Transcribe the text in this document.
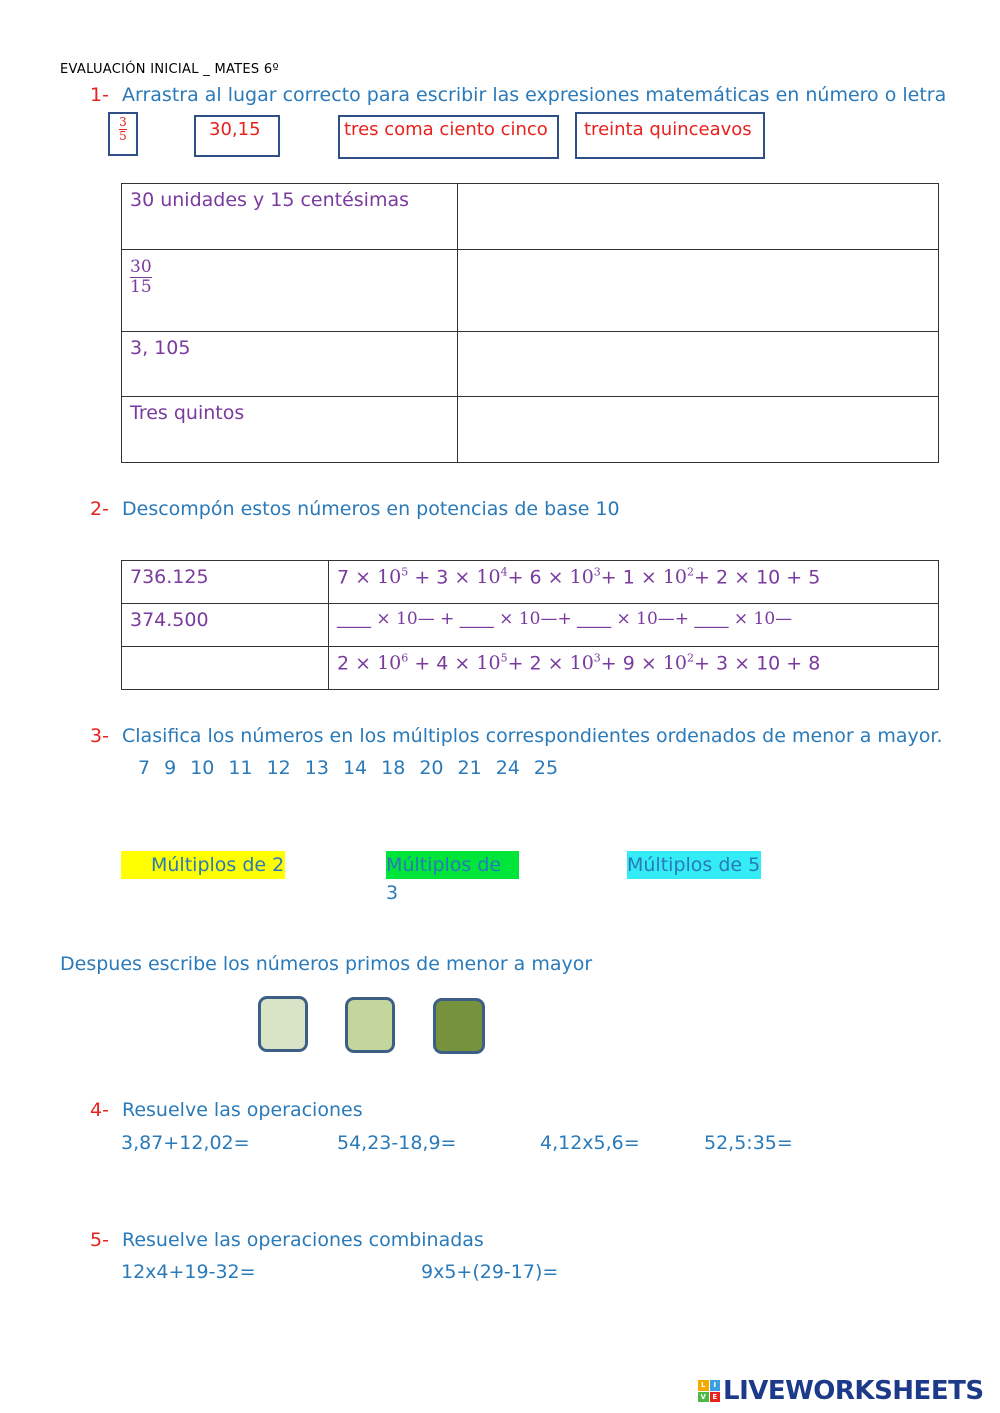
EVALUACIÓN INICIAL _ MATES 6º
1- Arrastra al lugar correcto para escribir las expresiones matemáticas en número o letra
$\frac{3}{5}$	30,15	tres coma ciento cinco	treinta quinceavos
30 unidades y 15 centésimas	

$\frac{30}{15}$

3, 105	
Tres quintos	
2- Descompón estos números en potencias de base 10
736.125	$7 \times 10^5 + 3 \times 10^4+ 6 \times 10^3+ 1 \times 10^2+ 2 \times 10 + 5$
374.500	____ × 10— + ____ × 10—+ ____ × 10—+ ____ × 10—
	$2 \times 10^6 + 4 \times 10^5+ 2 \times 10^3+ 9 \times 10^2+ 3 \times 10 + 8$
3- Clasifica los números en los múltiplos correspondientes ordenados de menor a mayor.
7 9 10 11 12 13 14 18 20 21 24 25
Múltiplos de 2	Múltiplos de 3
Múltiplos de 5
Despues escribe los números primos de menor a mayor
4- Resuelve las operaciones
3,87+12,02=	54,23-18,9=	4,12x5,6=	52,5:35=
5- Resuelve las operaciones combinadas
12x4+19-32=	9x5+(29-17)=
L	I
V E LIVEWORKSHEETS
